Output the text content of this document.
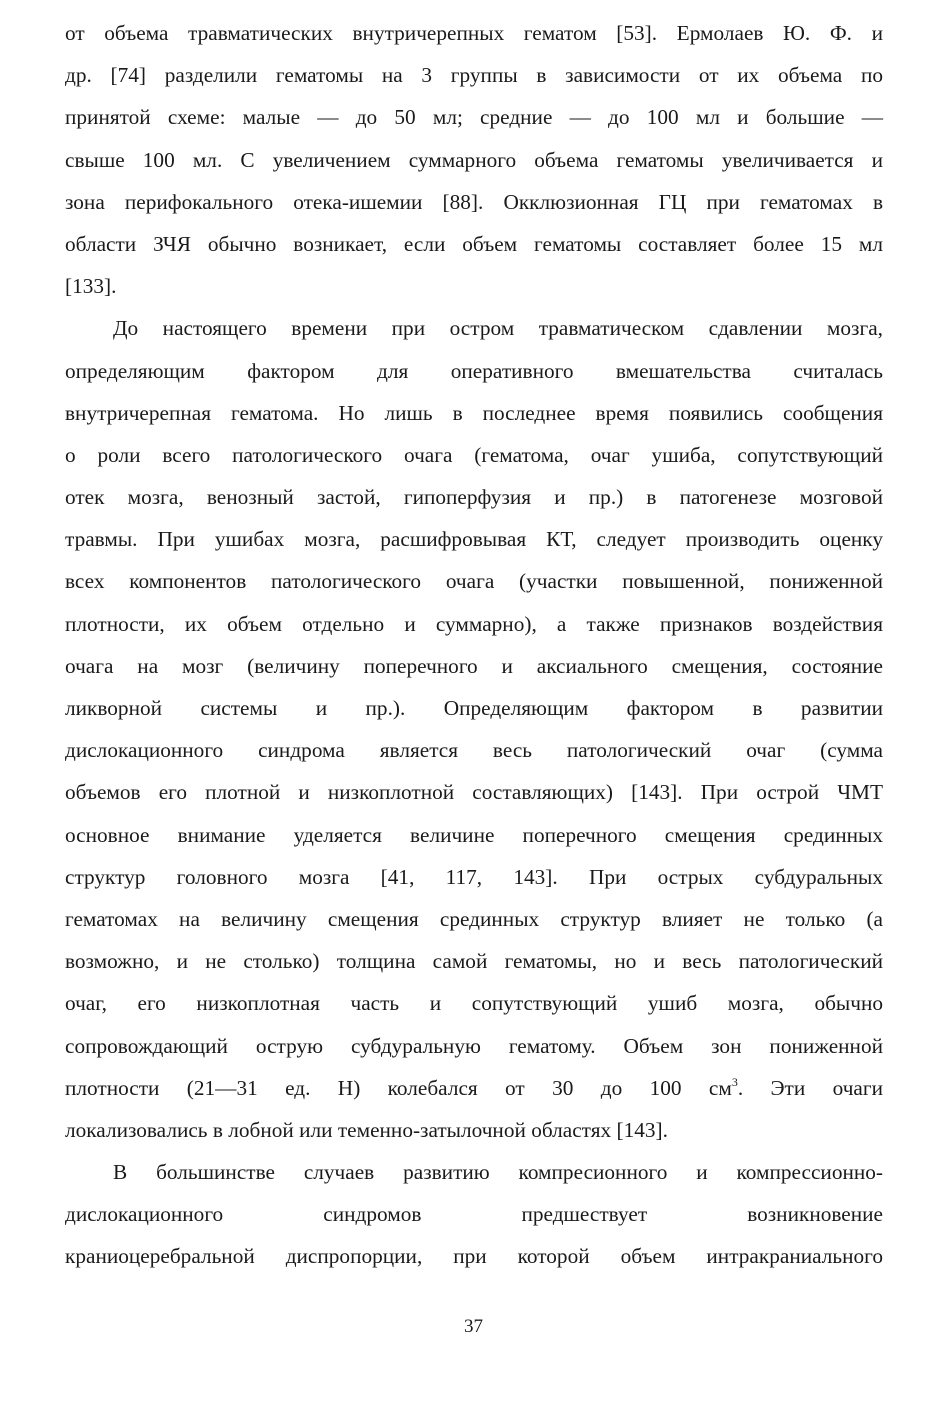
от объема травматических внутричерепных гематом [53]. Ермолаев Ю. Ф. и
др. [74] разделили гематомы на 3 группы в зависимости от их объема по
принятой схеме: малые — до 50 мл; средние — до 100 мл и большие —
свыше 100 мл. С увеличением суммарного объема гематомы увеличивается и
зона перифокального отека-ишемии [88]. Окклюзионная ГЦ при гематомах в
области ЗЧЯ обычно возникает, если объем гематомы составляет более 15 мл
[133].
До настоящего времени при остром травматическом сдавлении мозга,
определяющим фактором для оперативного вмешательства считалась
внутричерепная гематома. Но лишь в последнее время появились сообщения
о роли всего патологического очага (гематома, очаг ушиба, сопутствующий
отек мозга, венозный застой, гипоперфузия и пр.) в патогенезе мозговой
травмы. При ушибах мозга, расшифровывая КТ, следует производить оценку
всех компонентов патологического очага (участки повышенной, пониженной
плотности, их объем отдельно и суммарно), а также признаков воздействия
очага на мозг (величину поперечного и аксиального смещения, состояние
ликворной системы и пр.). Определяющим фактором в развитии
дислокационного синдрома является весь патологический очаг (сумма
объемов его плотной и низкоплотной составляющих) [143]. При острой ЧМТ
основное внимание уделяется величине поперечного смещения срединных
структур головного мозга [41, 117, 143]. При острых субдуральных
гематомах на величину смещения срединных структур влияет не только (а
возможно, и не столько) толщина самой гематомы, но и весь патологический
очаг, его низкоплотная часть и сопутствующий ушиб мозга, обычно
сопровождающий острую субдуральную гематому. Объем зон пониженной
плотности (21—31 ед. Н) колебался от 30 до 100 $см^3$. Эти очаги
локализовались в лобной или теменно-затылочной областях [143].
В большинстве случаев развитию компресионного и компрессионно-
дислокационного синдромов предшествует возникновение
краниоцеребральной диспропорции, при которой объем интракраниального
37
